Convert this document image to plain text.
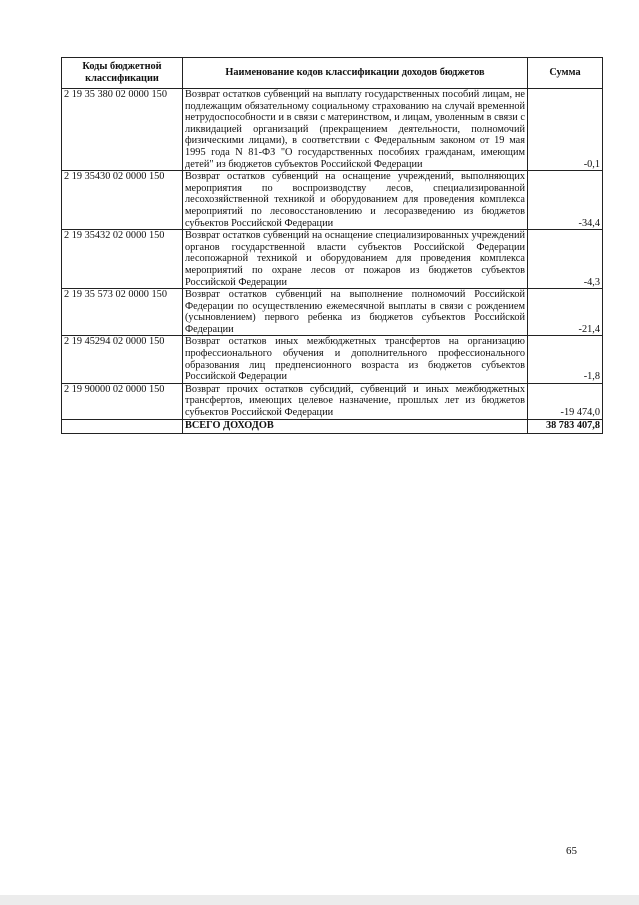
Коды бюджетной классификации	Наименование кодов классификации доходов бюджетов	Сумма
2 19 35 380 02 0000 150	Возврат остатков субвенций на выплату государственных пособий лицам, не подлежащим обязательному социальному страхованию на случай временной нетрудоспособности и в связи с материнством, и лицам, уволенным в связи с ликвидацией организаций (прекращением деятельности, полномочий физическими лицами), в соответствии с Федеральным законом от 19 мая 1995 года N 81-ФЗ "О государственных пособиях гражданам, имеющим детей" из бюджетов субъектов Российской Федерации	-0,1
2 19 35430 02 0000 150	Возврат остатков субвенций на оснащение учреждений, выполняющих мероприятия по воспроизводству лесов, специализированной лесохозяйственной техникой и оборудованием для проведения комплекса мероприятий по лесовосстановлению и лесоразведению из бюджетов субъектов Российской Федерации	-34,4
2 19 35432 02 0000 150	Возврат остатков субвенций на оснащение специализированных учреждений органов государственной власти субъектов Российской Федерации лесопожарной техникой и оборудованием для проведения комплекса мероприятий по охране лесов от пожаров из бюджетов субъектов Российской Федерации	-4,3
2 19 35 573 02 0000 150	Возврат остатков субвенций на выполнение полномочий Российской Федерации по осуществлению ежемесячной выплаты в связи с рождением (усыновлением) первого ребенка из бюджетов субъектов Российской Федерации	-21,4
2 19 45294 02 0000 150	Возврат остатков иных межбюджетных трансфертов на организацию профессионального обучения и дополнительного профессионального образования лиц предпенсионного возраста из бюджетов субъектов Российской Федерации	-1,8
2 19 90000 02 0000 150	Возврат прочих остатков субсидий, субвенций и иных межбюджетных трансфертов, имеющих целевое назначение, прошлых лет из бюджетов субъектов Российской Федерации	-19 474,0
	ВСЕГО ДОХОДОВ	38 783 407,8
65
